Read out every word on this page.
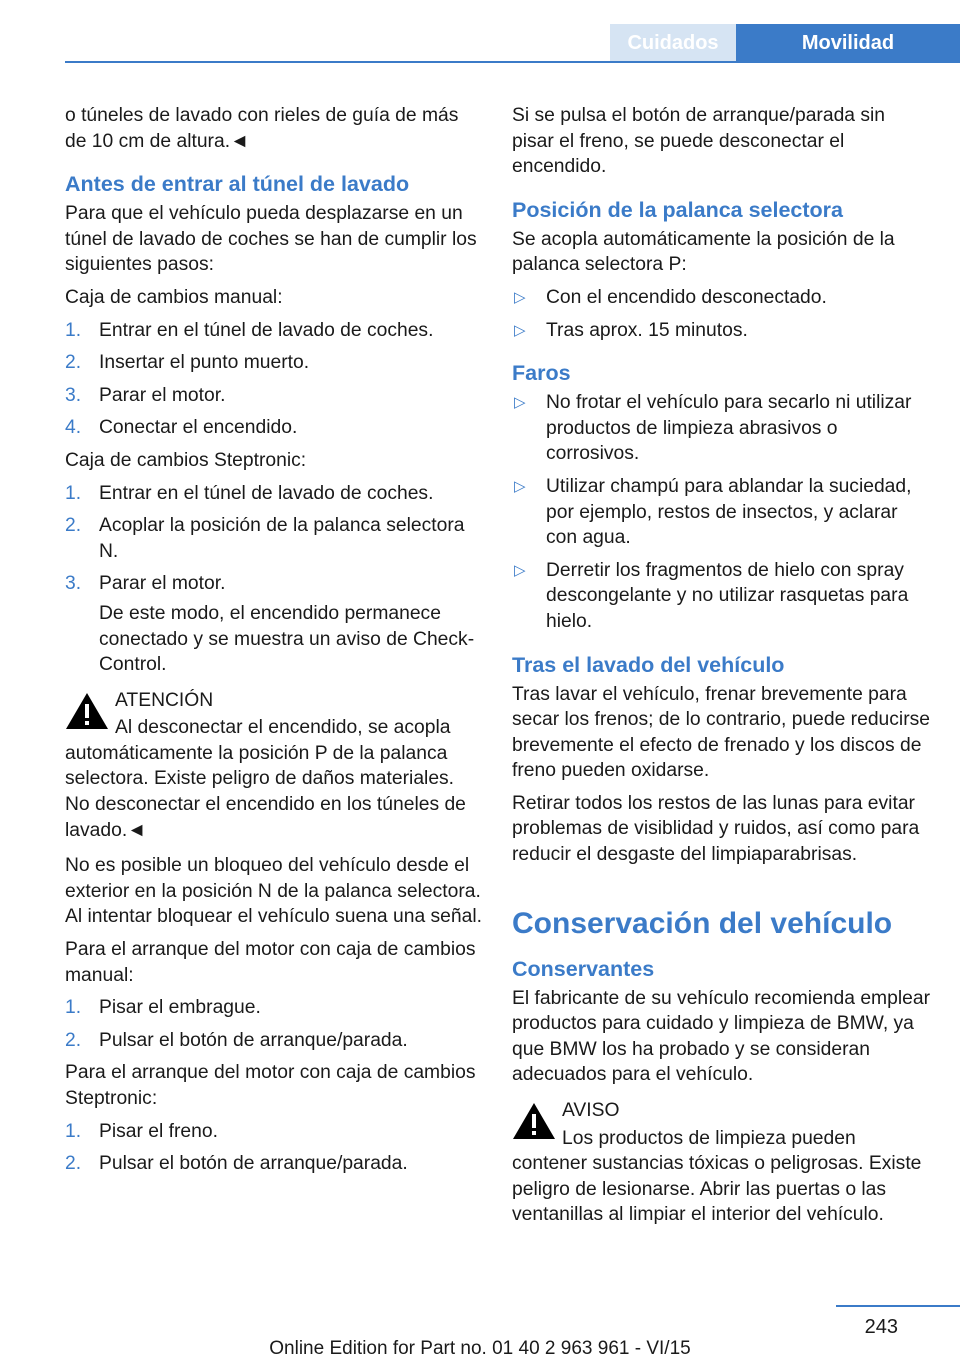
Cuidados	Movilidad

o túneles de lavado con rieles de guía de más de 10 cm de altura.◄

Antes de entrar al túnel de lavado

Para que el vehículo pueda desplazarse en un túnel de lavado de coches se han de cumplir los siguientes pasos:

Caja de cambios manual:

1. Entrar en el túnel de lavado de coches.
2. Insertar el punto muerto.
3. Parar el motor.
4. Conectar el encendido.

Caja de cambios Steptronic:

1. Entrar en el túnel de lavado de coches.
2. Acoplar la posición de la palanca selectora N.
3. Parar el motor.
De este modo, el encendido permanece conectado y se muestra un aviso de Check-Control.
ATENCIÓN
Al desconectar el encendido, se acopla automáticamente la posición P de la palanca selectora. Existe peligro de daños materiales. No desconectar el encendido en los túneles de lavado.◄

No es posible un bloqueo del vehículo desde el exterior en la posición N de la palanca selectora. Al intentar bloquear el vehículo suena una señal.

Para el arranque del motor con caja de cambios manual:

1. Pisar el embrague.
2. Pulsar el botón de arranque/parada.

Para el arranque del motor con caja de cambios Steptronic:

1. Pisar el freno.
2. Pulsar el botón de arranque/parada.

Si se pulsa el botón de arranque/parada sin pisar el freno, se puede desconectar el encendido.

Posición de la palanca selectora

Se acopla automáticamente la posición de la palanca selectora P:

▷ Con el encendido desconectado.
▷ Tras aprox. 15 minutos.
Faros
▷ No frotar el vehículo para secarlo ni utilizar productos de limpieza abrasivos o corrosivos.
▷ Utilizar champú para ablandar la suciedad, por ejemplo, restos de insectos, y aclarar con agua.
▷ Derretir los fragmentos de hielo con spray descongelante y no utilizar rasquetas para hielo.
Tras el lavado del vehículo

Tras lavar el vehículo, frenar brevemente para secar los frenos; de lo contrario, puede reducirse brevemente el efecto de frenado y los discos de freno pueden oxidarse.

Retirar todos los restos de las lunas para evitar problemas de visiblidad y ruidos, así como para reducir el desgaste del limpiaparabrisas.

Conservación del vehículo
Conservantes

El fabricante de su vehículo recomienda emplear productos para cuidado y limpieza de BMW, ya que BMW los ha probado y se consideran adecuados para el vehículo.

AVISO
Los productos de limpieza pueden contener sustancias tóxicas o peligrosas. Existe peligro de lesionarse. Abrir las puertas o las ventanillas al limpiar el interior del vehículo.
243
Online Edition for Part no. 01 40 2 963 961 - VI/15
